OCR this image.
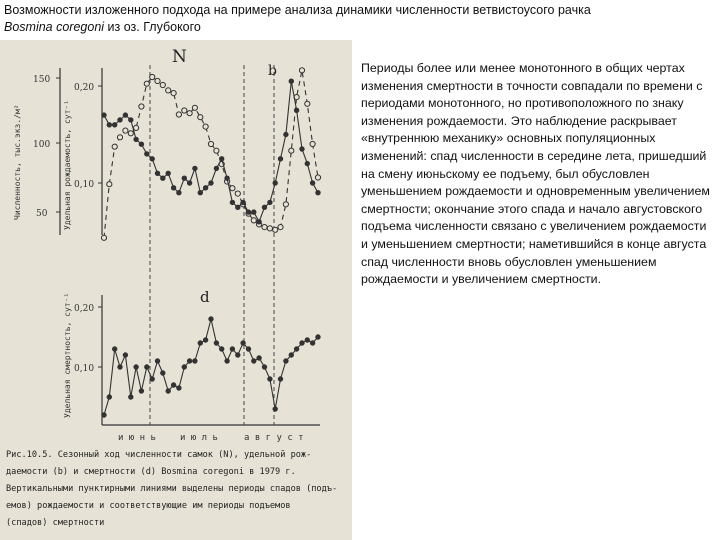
Возможности изложенного подхода на примере анализа динамики численности ветвистоусого рачка
Bosmina coregoni из оз. Глубокого
150
100
50
0,20
0,10
Численность, тыс.экз./м²	Удельная рождаемость, сут⁻¹
0,20
0,10
Удельная смертность, сут⁻¹
и ю н ь	и ю л ь	а в г у с т
N
b
d
Рис.10.5. Сезонный ход численности самок (N), удельной рож-
даемости (b) и смертности (d) Bosmina coregoni в 1979 г.
Вертикальными пунктирными линиями выделены периоды спадов (подъ-
емов) рождаемости и соответствующие им периоды подъемов
(спадов) смертности
Периоды более или менее монотонного в общих чертах изменения смертности в точности совпадали по времени с периодами монотонного, но противоположного по знаку изменения рождаемости. Это наблюдение раскрывает «внутреннюю механику» основных популяционных изменений: спад численности в середине лета, пришедший на смену июньскому ее подъему, был обусловлен уменьшением рождаемости и одновременным увеличением смертности; окончание этого спада и начало августовского подъема численности связано с увеличением рождаемости и уменьшением смертности; наметившийся в конце августа спад численности вновь обусловлен уменьшением рождаемости и увеличением смертности.
